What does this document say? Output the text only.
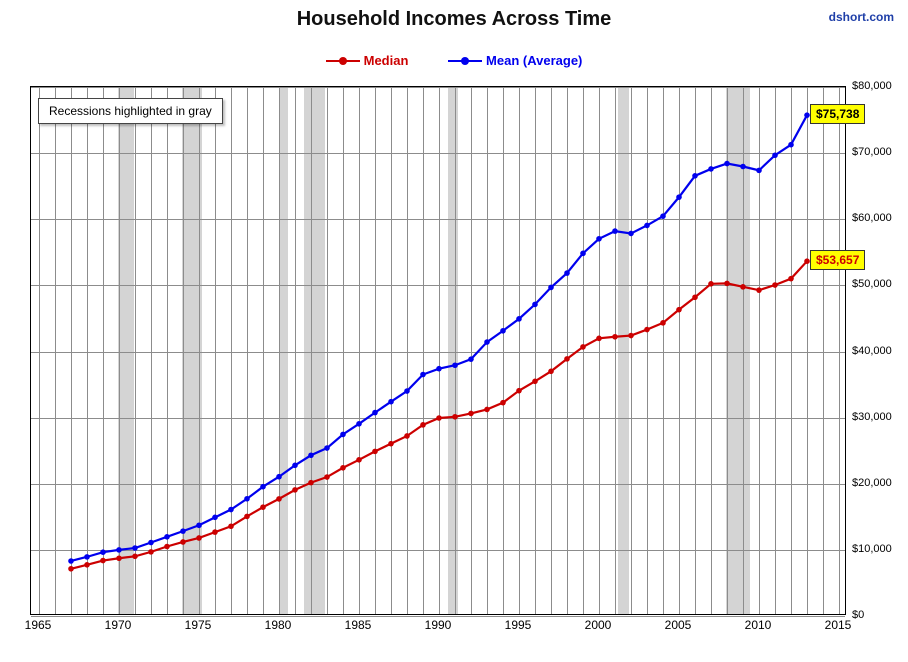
Household Incomes Across Time	dshort.com
Median	Mean (Average)
1965	1970	1975	1980	1985	1990	1995	2000	2005	2010	2015
$0
$10,000
$20,000
$30,000
$40,000
$50,000
$60,000
$70,000
$80,000
Recessions highlighted in gray	$75,738
$53,657
